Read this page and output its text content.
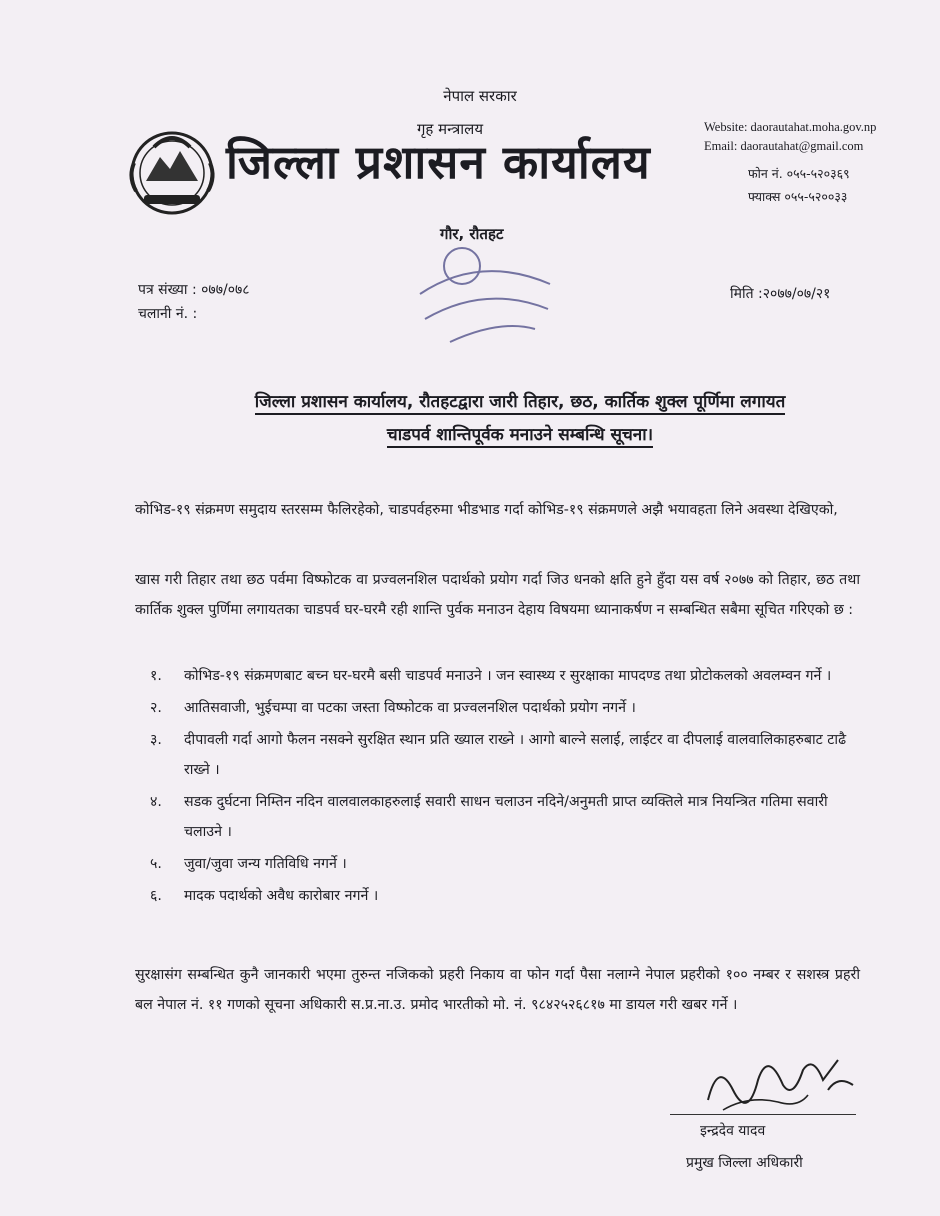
नेपाल सरकार
गृह मन्त्रालय
जिल्ला प्रशासन कार्यालय
Website: daorautahat.moha.gov.np
Email: daorautahat@gmail.com
फोन नं. ०५५-५२०३६९
फ्याक्स ०५५-५२००३३
गौर, रौतहट
पत्र संख्या : ०७७/०७८
चलानी नं. :
मिति :२०७७/०७/२१
जिल्ला प्रशासन कार्यालय, रौतहटद्वारा जारी तिहार, छठ, कार्तिक शुक्ल पूर्णिमा लगायत
चाडपर्व शान्तिपूर्वक मनाउने सम्बन्धि सूचना।
कोभिड-१९ संक्रमण समुदाय स्तरसम्म फैलिरहेको, चाडपर्वहरुमा भीडभाड गर्दा कोभिड-१९ संक्रमणले अझै भयावहता लिने अवस्था देखिएको,
खास गरी तिहार तथा छठ पर्वमा विष्फोटक वा प्रज्वलनशिल पदार्थको प्रयोग गर्दा जिउ धनको क्षति हुने हुँदा यस वर्ष २०७७ को तिहार, छठ तथा कार्तिक शुक्ल पुर्णिमा लगायतका चाडपर्व घर-घरमै रही शान्ति पुर्वक मनाउन देहाय विषयमा ध्यानाकर्षण न सम्बन्धित सबैमा सूचित गरिएको छ :
१.	कोभिड-१९ संक्रमणबाट बच्न घर-घरमै बसी चाडपर्व मनाउने । जन स्वास्थ्य र सुरक्षाका मापदण्ड तथा प्रोटोकलको अवलम्वन गर्ने ।
२.	आतिसवाजी, भुईचम्पा वा पटका जस्ता विष्फोटक वा प्रज्वलनशिल पदार्थको प्रयोग नगर्ने ।
३.	दीपावली गर्दा आगो फैलन नसक्ने सुरक्षित स्थान प्रति ख्याल राख्ने । आगो बाल्ने सलाई, लाईटर वा दीपलाई वालवालिकाहरुबाट टाढै राख्ने ।
४.	सडक दुर्घटना निम्तिन नदिन वालवालकाहरुलाई सवारी साधन चलाउन नदिने/अनुमती प्राप्त व्यक्तिले मात्र नियन्त्रित गतिमा सवारी चलाउने ।
५.	जुवा/जुवा जन्य गतिविधि नगर्ने ।
६.	मादक पदार्थको अवैध कारोबार नगर्ने ।
सुरक्षासंग सम्बन्धित कुनै जानकारी भएमा तुरुन्त नजिकको प्रहरी निकाय वा फोन गर्दा पैसा नलाग्ने नेपाल प्रहरीको १०० नम्बर र सशस्त्र प्रहरी बल नेपाल नं. ११ गणको सूचना अधिकारी स.प्र.ना.उ. प्रमोद भारतीको मो. नं. ९८४२५२६८१७ मा डायल गरी खबर गर्ने ।
इन्द्रदेव यादव
प्रमुख जिल्ला अधिकारी
